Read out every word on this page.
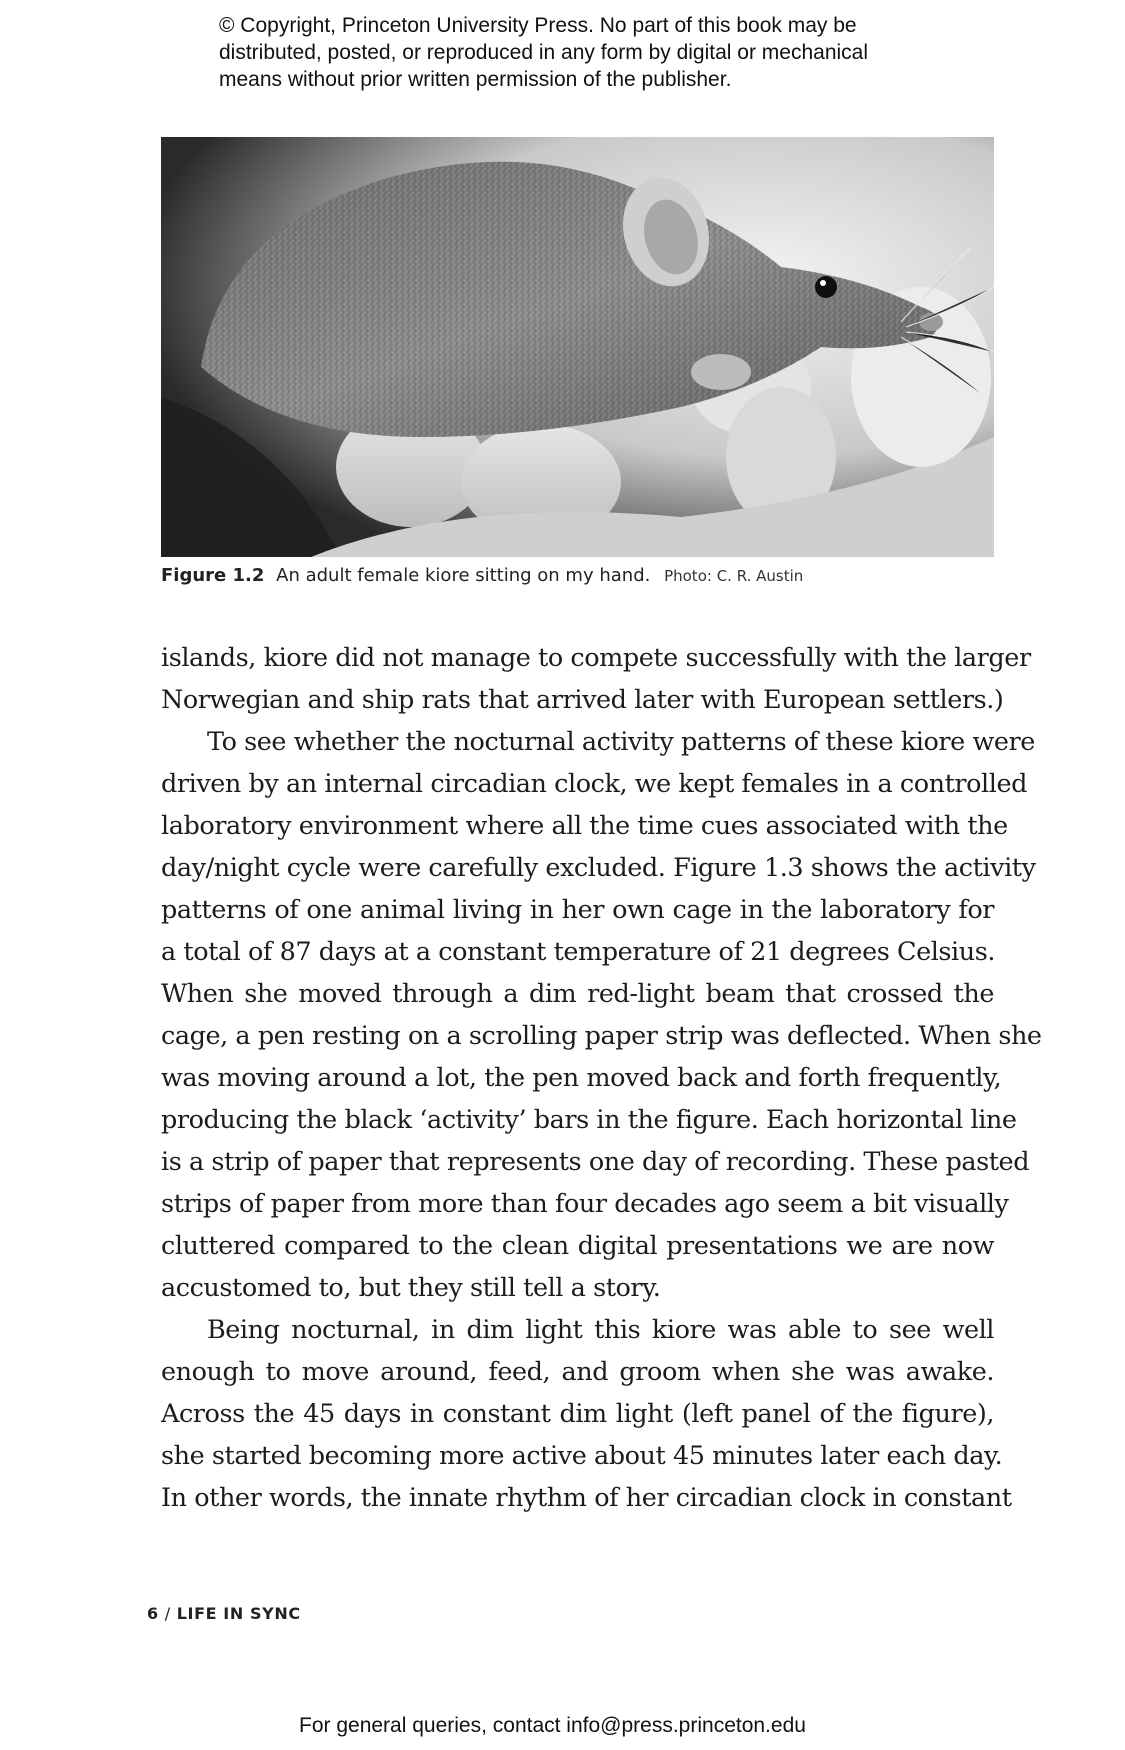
© Copyright, Princeton University Press. No part of this book may be
distributed, posted, or reproduced in any form by digital or mechanical
means without prior written permission of the publisher.
Figure 1.2 An adult female kiore sitting on my hand. Photo: C. R. Austin
islands, kiore did not manage to compete successfully with the larger
Norwegian and ship rats that arrived later with European settlers.)
To see whether the nocturnal activity patterns of these kiore were
driven by an internal circadian clock, we kept females in a controlled
laboratory environment where all the time cues associated with the
day/night cycle were carefully excluded. Figure 1.3 shows the activity
patterns of one animal living in her own cage in the laboratory for
a total of 87 days at a constant temperature of 21 degrees Celsius.
When she moved through a dim red-light beam that crossed the
cage, a pen resting on a scrolling paper strip was deflected. When she
was moving around a lot, the pen moved back and forth frequently,
producing the black ‘activity’ bars in the figure. Each horizontal line
is a strip of paper that represents one day of recording. These pasted
strips of paper from more than four decades ago seem a bit visually
cluttered compared to the clean digital presentations we are now
accustomed to, but they still tell a story.
Being nocturnal, in dim light this kiore was able to see well
enough to move around, feed, and groom when she was awake.
Across the 45 days in constant dim light (left panel of the figure),
she started becoming more active about 45 minutes later each day.
In other words, the innate rhythm of her circadian clock in constant
6 / LIFE IN SYNC
For general queries, contact info@press.princeton.edu
